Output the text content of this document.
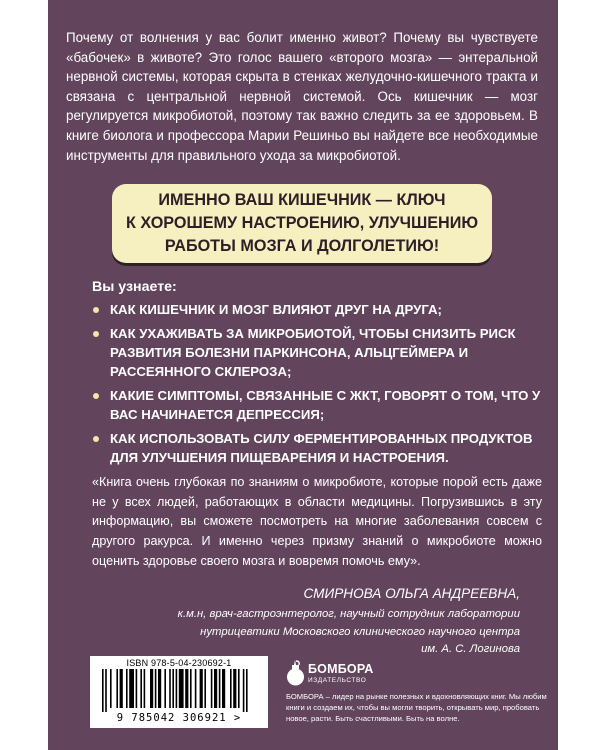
Почему от волнения у вас болит именно живот? Почему вы чувствуете «бабочек» в животе? Это голос вашего «второго мозга» — энтеральной нервной системы, которая скрыта в стенках желудочно-кишечного тракта и связана с центральной нервной системой. Ось кишечник — мозг регулируется микробиотой, поэтому так важно следить за ее здоровьем. В книге биолога и профессора Марии Решиньо вы найдете все необходимые инструменты для правильного ухода за микробиотой.
ИМЕННО ВАШ КИШЕЧНИК — КЛЮЧ
К ХОРОШЕМУ НАСТРОЕНИЮ, УЛУЧШЕНИЮ
РАБОТЫ МОЗГА И ДОЛГОЛЕТИЮ!
Вы узнаете:
КАК КИШЕЧНИК И МОЗГ ВЛИЯЮТ ДРУГ НА ДРУГА;
КАК УХАЖИВАТЬ ЗА МИКРОБИОТОЙ, ЧТОБЫ СНИЗИТЬ РИСК РАЗВИТИЯ БОЛЕЗНИ ПАРКИНСОНА, АЛЬЦГЕЙМЕРА И РАССЕЯННОГО СКЛЕРОЗА;
КАКИЕ СИМПТОМЫ, СВЯЗАННЫЕ С ЖКТ, ГОВОРЯТ О ТОМ, ЧТО У ВАС НАЧИНАЕТСЯ ДЕПРЕССИЯ;
КАК ИСПОЛЬЗОВАТЬ СИЛУ ФЕРМЕНТИРОВАННЫХ ПРОДУКТОВ ДЛЯ УЛУЧШЕНИЯ ПИЩЕВАРЕНИЯ И НАСТРОЕНИЯ.
«Книга очень глубокая по знаниям о микробиоте, которые порой есть даже не у всех людей, работающих в области медицины. Погрузившись в эту информацию, вы сможете посмотреть на многие заболевания совсем с другого ракурса. И именно через призму знаний о микробиоте можно оценить здоровье своего мозга и вовремя помочь ему».
СМИРНОВА ОЛЬГА АНДРЕЕВНА,
к.м.н, врач-гастроэнтеролог, научный сотрудник лаборатории
нутрицевтики Московского клинического научного центра
им. А. С. Логинова
ISBN 978-5-04-230692-1
9 785042 306921 >
БОМБОРА
ИЗДАТЕЛЬСТВО
БОМБОРА – лидер на рынке полезных и вдохновляющих книг. Мы любим книги и создаем их, чтобы вы могли творить, открывать мир, пробовать новое, расти. Быть счастливыми. Быть на волне.
